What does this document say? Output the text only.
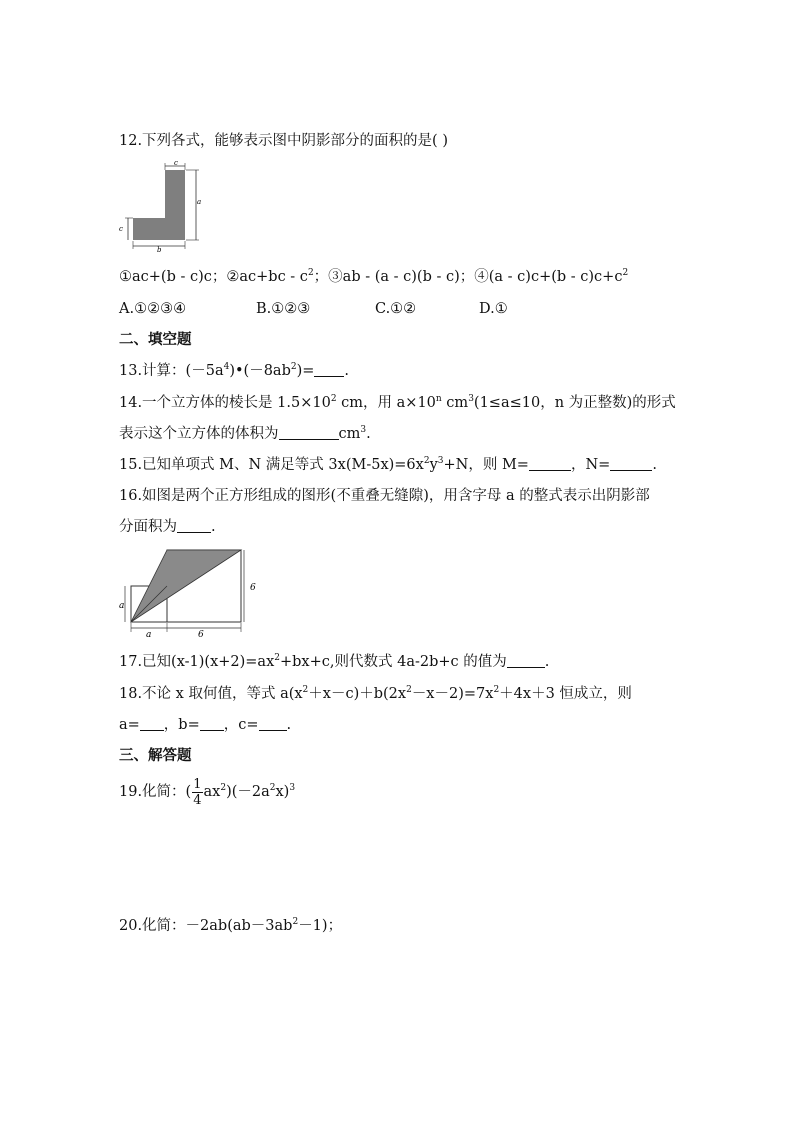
12.下列各式，能够表示图中阴影部分的面积的是( )
c
a
c
b
①ac+(b - c)c；②ac+bc - $c^2$；③ab - (a - c)(b - c)；④(a - $c)c+(b - c)c+c^2$
A.①②③④	B.①②③	C.①②	D.①
二、填空题
13.计算：$(-5a^4)•(-8ab^2)=$ .
14.一个立方体的棱长是 $1.5\times 10^2$ cm，用 $a\times 10^n$ $cm^3(1\le a\le 10$，n 为正整数)的形式
表示这个立方体的体积为	$cm^3$.
15.已知单项式 M、N 满足等式 $3x(M-5x)=6x^2y^3+N$，则 M=	，N=	.
16.如图是两个正方形组成的图形(不重叠无缝隙)，用含字母 a 的整式表示出阴影部
分面积为 .
a
6
a	6
17.已知$(x-1)(x+2)=ax^2+bx+c$,则代数式 4a-2b+c 的值为	.
18.不论 x 取何值，等式 $a(x^2+x-c)+b(2x^2-x-2)=7x^2+4x+3$ 恒成立，则
a= ，b= ，c= .
三、解答题
19.化简：( $\frac{1}{4} ax^2)(-2a^2x)^3$
20.化简：$-2ab(ab-3ab^2-1)$；
